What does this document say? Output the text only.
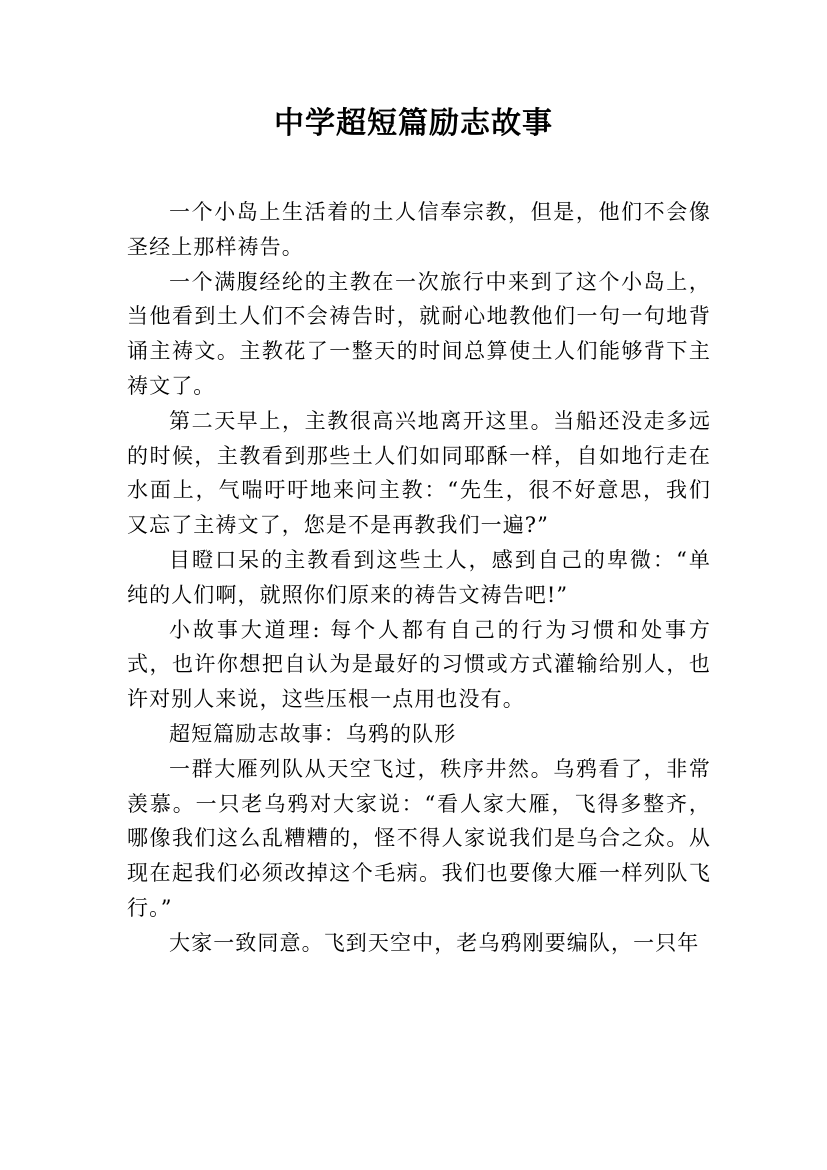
中学超短篇励志故事

一个小岛上生活着的土人信奉宗教，但是，他们不会像圣经上那样祷告。

一个满腹经纶的主教在一次旅行中来到了这个小岛上，当他看到土人们不会祷告时，就耐心地教他们一句一句地背诵主祷文。主教花了一整天的时间总算使土人们能够背下主祷文了。

第二天早上，主教很高兴地离开这里。当船还没走多远的时候，主教看到那些土人们如同耶酥一样，自如地行走在水面上，气喘吁吁地来问主教：“先生，很不好意思，我们又忘了主祷文了，您是不是再教我们一遍?”

目瞪口呆的主教看到这些土人，感到自己的卑微：“单纯的人们啊，就照你们原来的祷告文祷告吧!”

小故事大道理: 每个人都有自己的行为习惯和处事方式，也许你想把自认为是最好的习惯或方式灌输给别人，也许对别人来说，这些压根一点用也没有。

超短篇励志故事：乌鸦的队形

一群大雁列队从天空飞过，秩序井然。乌鸦看了，非常羡慕。一只老乌鸦对大家说：“看人家大雁，飞得多整齐，哪像我们这么乱糟糟的，怪不得人家说我们是乌合之众。从现在起我们必须改掉这个毛病。我们也要像大雁一样列队飞行。”

大家一致同意。飞到天空中，老乌鸦刚要编队，一只年
